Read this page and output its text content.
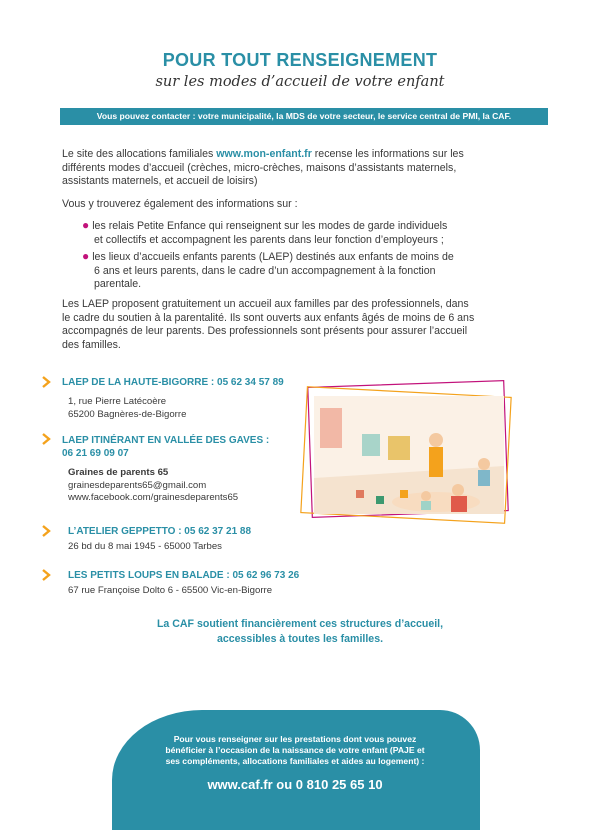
POUR TOUT RENSEIGNEMENT
sur les modes d’accueil de votre enfant
Vous pouvez contacter : votre municipalité, la MDS de votre secteur, le service central de PMI, la CAF.
Le site des allocations familiales www.mon-enfant.fr recense les informations sur les
différents modes d’accueil (crèches, micro-crèches, maisons d’assistants maternels,
assistants maternels, et accueil de loisirs)
Vous y trouverez également des informations sur :
● les relais Petite Enfance qui renseignent sur les modes de garde individuels
et collectifs et accompagnent les parents dans leur fonction d’employeurs ;
● les lieux d’accueils enfants parents (LAEP) destinés aux enfants de moins de
6 ans et leurs parents, dans le cadre d’un accompagnement à la fonction
parentale.
Les LAEP proposent gratuitement un accueil aux familles par des professionnels, dans
le cadre du soutien à la parentalité. Ils sont ouverts aux enfants âgés de moins de 6 ans
accompagnés de leur parents. Des professionnels sont présents pour assurer l’accueil
des familles.
LAEP DE LA HAUTE-BIGORRE : 05 62 34 57 89
1, rue Pierre Latécoère
65200 Bagnères-de-Bigorre
LAEP ITINÉRANT EN VALLÉE DES GAVES :
06 21 69 09 07
Graines de parents 65
grainesdeparents65@gmail.com
www.facebook.com/grainesdeparents65
L’ATELIER GEPPETTO : 05 62 37 21 88
26 bd du 8 mai 1945 - 65000 Tarbes
LES PETITS LOUPS EN BALADE : 05 62 96 73 26
67 rue Françoise Dolto 6 - 65500 Vic-en-Bigorre
La CAF soutient financièrement ces structures d’accueil,
accessibles à toutes les familles.
Pour vous renseigner sur les prestations dont vous pouvez
bénéficier à l’occasion de la naissance de votre enfant (PAJE et
ses compléments, allocations familiales et aides au logement) :
www.caf.fr ou 0 810 25 65 10
